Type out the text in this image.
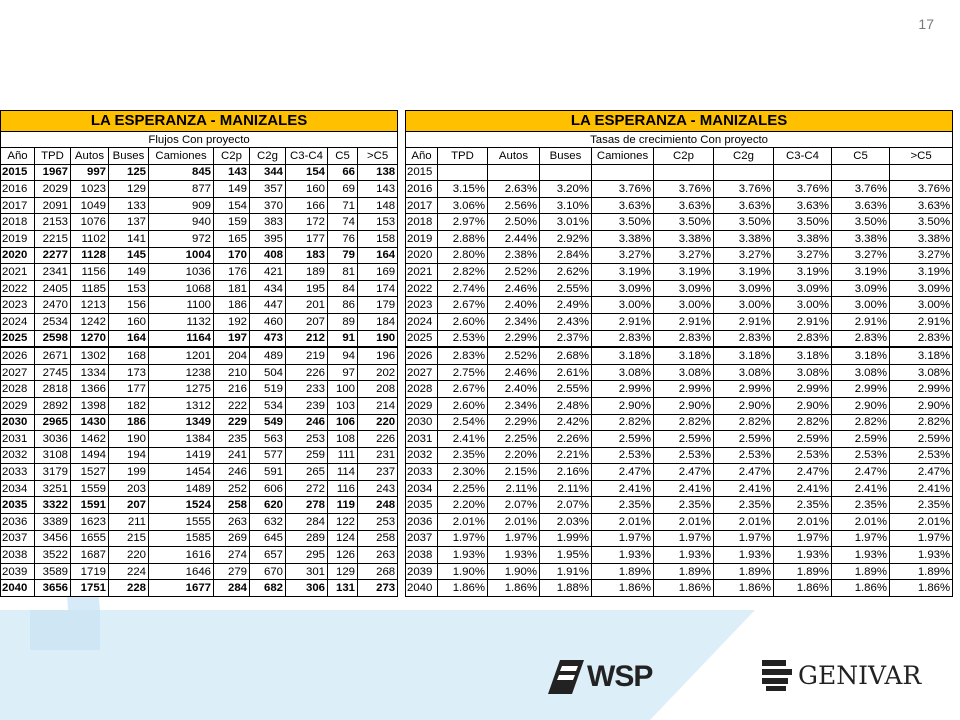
17
LA ESPERANZA - MANIZALES									
Flujos Con proyecto									
Año	TPD	Autos	Buses	Camiones	C2p	C2g	C3-C4	C5	>C5
2015	1967	997	125	845	143	344	154	66	138
2016	2029	1023	129	877	149	357	160	69	143
2017	2091	1049	133	909	154	370	166	71	148
2018	2153	1076	137	940	159	383	172	74	153
2019	2215	1102	141	972	165	395	177	76	158
2020	2277	1128	145	1004	170	408	183	79	164
2021	2341	1156	149	1036	176	421	189	81	169
2022	2405	1185	153	1068	181	434	195	84	174
2023	2470	1213	156	1100	186	447	201	86	179
2024	2534	1242	160	1132	192	460	207	89	184
2025	2598	1270	164	1164	197	473	212	91	190
2026	2671	1302	168	1201	204	489	219	94	196
2027	2745	1334	173	1238	210	504	226	97	202
2028	2818	1366	177	1275	216	519	233	100	208
2029	2892	1398	182	1312	222	534	239	103	214
2030	2965	1430	186	1349	229	549	246	106	220
2031	3036	1462	190	1384	235	563	253	108	226
2032	3108	1494	194	1419	241	577	259	111	231
2033	3179	1527	199	1454	246	591	265	114	237
2034	3251	1559	203	1489	252	606	272	116	243
2035	3322	1591	207	1524	258	620	278	119	248
2036	3389	1623	211	1555	263	632	284	122	253
2037	3456	1655	215	1585	269	645	289	124	258
2038	3522	1687	220	1616	274	657	295	126	263
2039	3589	1719	224	1646	279	670	301	129	268
2040	3656	1751	228	1677	284	682	306	131	273
LA ESPERANZA - MANIZALES									
Tasas de crecimiento Con proyecto									
Año	TPD	Autos	Buses	Camiones	C2p	C2g	C3-C4	C5	>C5
2015									
2016	3.15%	2.63%	3.20%	3.76%	3.76%	3.76%	3.76%	3.76%	3.76%
2017	3.06%	2.56%	3.10%	3.63%	3.63%	3.63%	3.63%	3.63%	3.63%
2018	2.97%	2.50%	3.01%	3.50%	3.50%	3.50%	3.50%	3.50%	3.50%
2019	2.88%	2.44%	2.92%	3.38%	3.38%	3.38%	3.38%	3.38%	3.38%
2020	2.80%	2.38%	2.84%	3.27%	3.27%	3.27%	3.27%	3.27%	3.27%
2021	2.82%	2.52%	2.62%	3.19%	3.19%	3.19%	3.19%	3.19%	3.19%
2022	2.74%	2.46%	2.55%	3.09%	3.09%	3.09%	3.09%	3.09%	3.09%
2023	2.67%	2.40%	2.49%	3.00%	3.00%	3.00%	3.00%	3.00%	3.00%
2024	2.60%	2.34%	2.43%	2.91%	2.91%	2.91%	2.91%	2.91%	2.91%
2025	2.53%	2.29%	2.37%	2.83%	2.83%	2.83%	2.83%	2.83%	2.83%
2026	2.83%	2.52%	2.68%	3.18%	3.18%	3.18%	3.18%	3.18%	3.18%
2027	2.75%	2.46%	2.61%	3.08%	3.08%	3.08%	3.08%	3.08%	3.08%
2028	2.67%	2.40%	2.55%	2.99%	2.99%	2.99%	2.99%	2.99%	2.99%
2029	2.60%	2.34%	2.48%	2.90%	2.90%	2.90%	2.90%	2.90%	2.90%
2030	2.54%	2.29%	2.42%	2.82%	2.82%	2.82%	2.82%	2.82%	2.82%
2031	2.41%	2.25%	2.26%	2.59%	2.59%	2.59%	2.59%	2.59%	2.59%
2032	2.35%	2.20%	2.21%	2.53%	2.53%	2.53%	2.53%	2.53%	2.53%
2033	2.30%	2.15%	2.16%	2.47%	2.47%	2.47%	2.47%	2.47%	2.47%
2034	2.25%	2.11%	2.11%	2.41%	2.41%	2.41%	2.41%	2.41%	2.41%
2035	2.20%	2.07%	2.07%	2.35%	2.35%	2.35%	2.35%	2.35%	2.35%
2036	2.01%	2.01%	2.03%	2.01%	2.01%	2.01%	2.01%	2.01%	2.01%
2037	1.97%	1.97%	1.99%	1.97%	1.97%	1.97%	1.97%	1.97%	1.97%
2038	1.93%	1.93%	1.95%	1.93%	1.93%	1.93%	1.93%	1.93%	1.93%
2039	1.90%	1.90%	1.91%	1.89%	1.89%	1.89%	1.89%	1.89%	1.89%
2040	1.86%	1.86%	1.88%	1.86%	1.86%	1.86%	1.86%	1.86%	1.86%
WSP	GENIVAR
